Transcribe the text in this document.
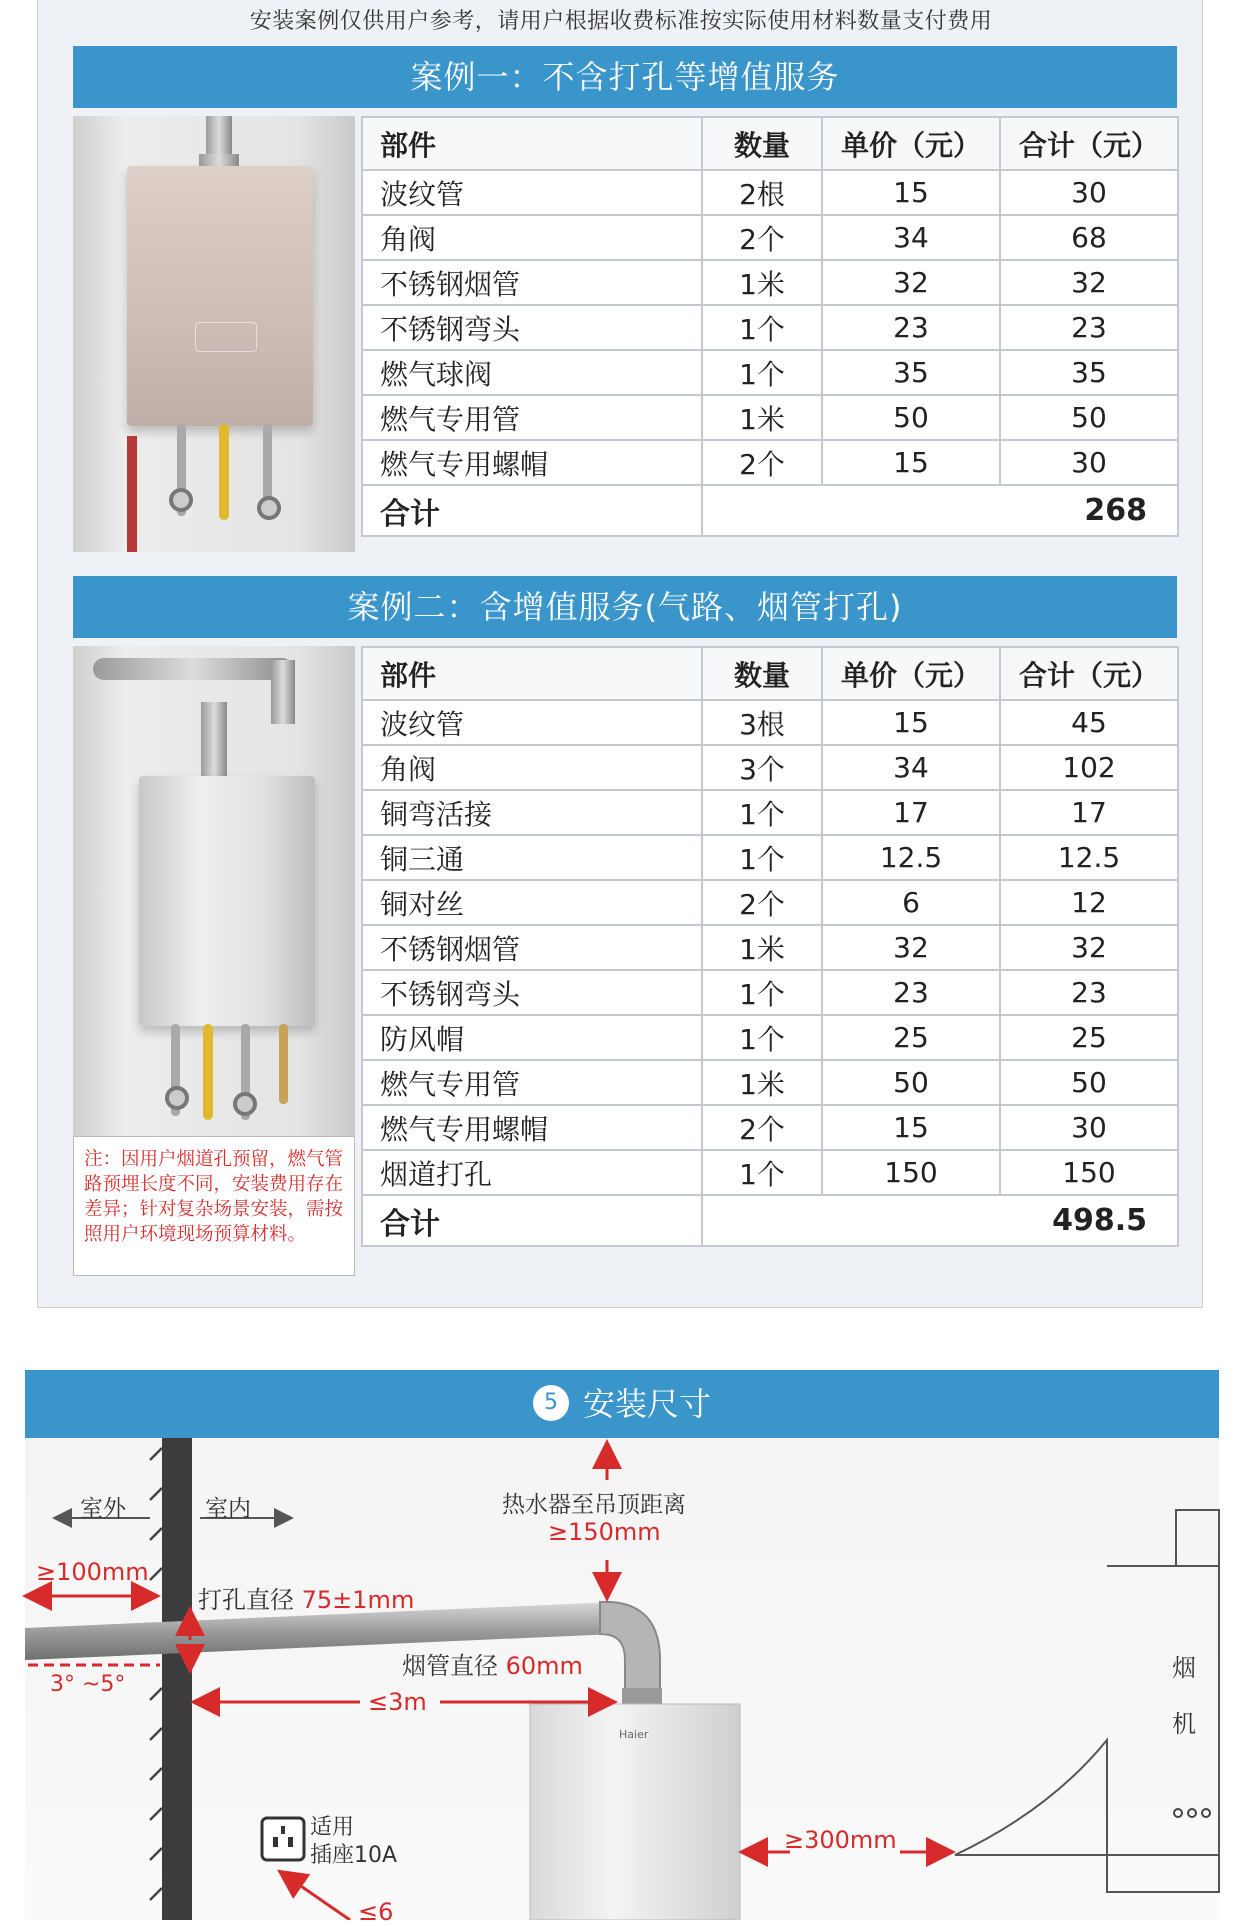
安装案例仅供用户参考，请用户根据收费标准按实际使用材料数量支付费用
案例一：不含打孔等增值服务
部件	数量	单价（元）	合计（元）
波纹管	2根	15	30
角阀	2个	34	68
不锈钢烟管	1米	32	32
不锈钢弯头	1个	23	23
燃气球阀	1个	35	35
燃气专用管	1米	50	50
燃气专用螺帽	2个	15	30
合计	268		
案例二：含增值服务(气路、烟管打孔)
注：因用户烟道孔预留，燃气管路预埋长度不同，安装费用存在差异；针对复杂场景安装，需按照用户环境现场预算材料。
部件	数量	单价（元）	合计（元）
波纹管	3根	15	45
角阀	3个	34	102
铜弯活接	1个	17	17
铜三通	1个	12.5	12.5
铜对丝	2个	6	12
不锈钢烟管	1米	32	32
不锈钢弯头	1个	23	23
防风帽	1个	25	25
燃气专用管	1米	50	50
燃气专用螺帽	2个	15	30
烟道打孔	1个	150	150
合计	498.5		
5 安装尺寸
室外	室内	热水器至吊顶距离
≥150mm
≥100mm
打孔直径 75±1mm
3° ~5°
烟管直径 60mm
≤3m
Haier
≥300mm
烟
机
适用
插座10A
≤6
